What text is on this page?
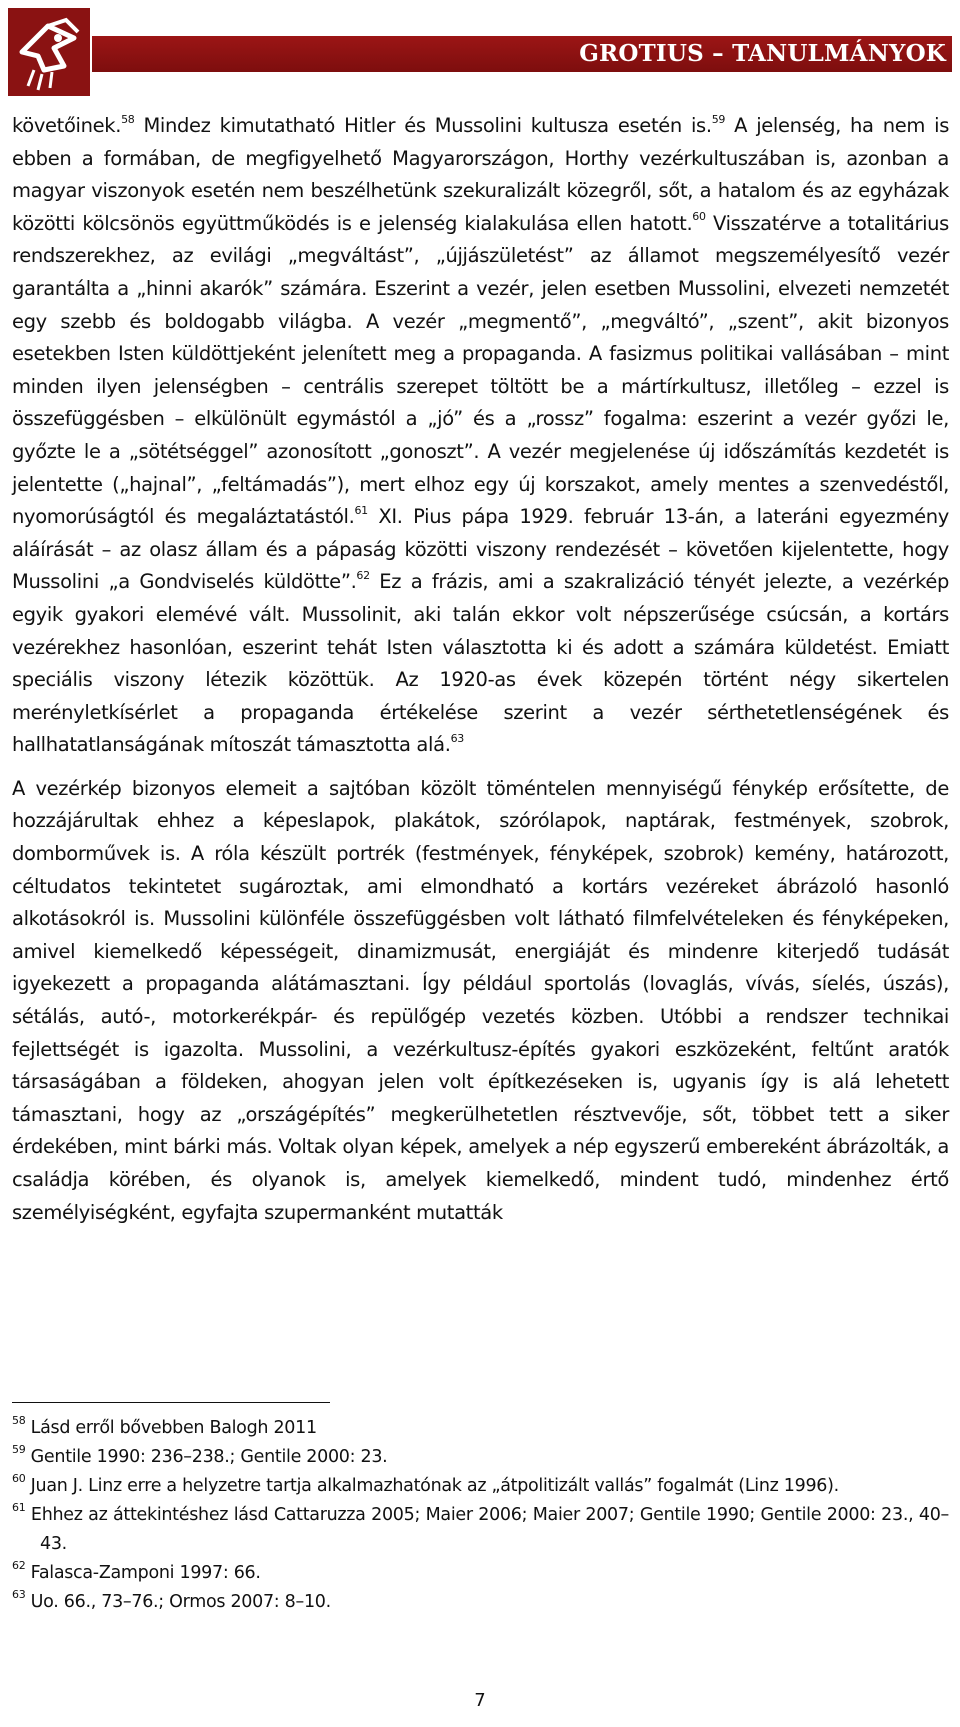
GROTIUS – TANULMÁNYOK

követőinek.$^{58}$ Mindez kimutatható Hitler és Mussolini kultusza esetén is.$^{59}$ A jelenség, ha nem is ebben a formában, de megfigyelhető Magyarországon, Horthy vezérkultuszában is, azonban a magyar viszonyok esetén nem beszélhetünk szekuralizált közegről, sőt, a hatalom és az egyházak közötti kölcsönös együttműködés is e jelenség kialakulása ellen hatott.$^{60}$ Visszatérve a totalitárius rendszerekhez, az evilági „megváltást”, „újjászületést” az államot megszemélyesítő vezér garantálta a „hinni akarók” számára. Eszerint a vezér, jelen esetben Mussolini, elvezeti nemzetét egy szebb és boldogabb világba. A vezér „megmentő”, „megváltó”, „szent”, akit bizonyos esetekben Isten küldöttjeként jelenített meg a propaganda. A fasizmus politikai vallásában – mint minden ilyen jelenségben – centrális szerepet töltött be a mártírkultusz, illetőleg – ezzel is összefüggésben – elkülönült egymástól a „jó” és a „rossz” fogalma: eszerint a vezér győzi le, győzte le a „sötétséggel” azonosított „gonoszt”. A vezér megjelenése új időszámítás kezdetét is jelentette („hajnal”, „feltámadás”), mert elhoz egy új korszakot, amely mentes a szenvedéstől, nyomorúságtól és megaláztatástól.$^{61}$ XI. Pius pápa 1929. február 13-án, a lateráni egyezmény aláírását – az olasz állam és a pápaság közötti viszony rendezését – követően kijelentette, hogy Mussolini „a Gondviselés küldötte”.$^{62}$ Ez a frázis, ami a szakralizáció tényét jelezte, a vezérkép egyik gyakori elemévé vált. Mussolinit, aki talán ekkor volt népszerűsége csúcsán, a kortárs vezérekhez hasonlóan, eszerint tehát Isten választotta ki és adott a számára küldetést. Emiatt speciális viszony létezik közöttük. Az 1920-as évek közepén történt négy sikertelen merényletkísérlet a propaganda értékelése szerint a vezér sérthetetlenségének és hallhatatlanságának mítoszát támasztotta alá.$^{63}$

A vezérkép bizonyos elemeit a sajtóban közölt töméntelen mennyiségű fénykép erősítette, de hozzájárultak ehhez a képeslapok, plakátok, szórólapok, naptárak, festmények, szobrok, domborművek is. A róla készült portrék (festmények, fényképek, szobrok) kemény, határozott, céltudatos tekintetet sugároztak, ami elmondható a kortárs vezéreket ábrázoló hasonló alkotásokról is. Mussolini különféle összefüggésben volt látható filmfelvételeken és fényképeken, amivel kiemelkedő képességeit, dinamizmusát, energiáját és mindenre kiterjedő tudását igyekezett a propaganda alátámasztani. Így például sportolás (lovaglás, vívás, síelés, úszás), sétálás, autó-, motorkerékpár- és repülőgép vezetés közben. Utóbbi a rendszer technikai fejlettségét is igazolta. Mussolini, a vezérkultusz-építés gyakori eszközeként, feltűnt aratók társaságában a földeken, ahogyan jelen volt építkezéseken is, ugyanis így is alá lehetett támasztani, hogy az „országépítés” megkerülhetetlen résztvevője, sőt, többet tett a siker érdekében, mint bárki más. Voltak olyan képek, amelyek a nép egyszerű embereként ábrázolták, a családja körében, és olyanok is, amelyek kiemelkedő, mindent tudó, mindenhez értő személyiségként, egyfajta szupermanként mutatták

$^{58}$ Lásd erről bővebben Balogh 2011
$^{59}$ Gentile 1990: 236–238.; Gentile 2000: 23.
$^{60}$ Juan J. Linz erre a helyzetre tartja alkalmazhatónak az „átpolitizált vallás” fogalmát (Linz 1996).
$^{61}$ Ehhez az áttekintéshez lásd Cattaruzza 2005; Maier 2006; Maier 2007; Gentile 1990; Gentile 2000: 23., 40–43.
$^{62}$ Falasca-Zamponi 1997: 66.
$^{63}$ Uo. 66., 73–76.; Ormos 2007: 8–10.
7
